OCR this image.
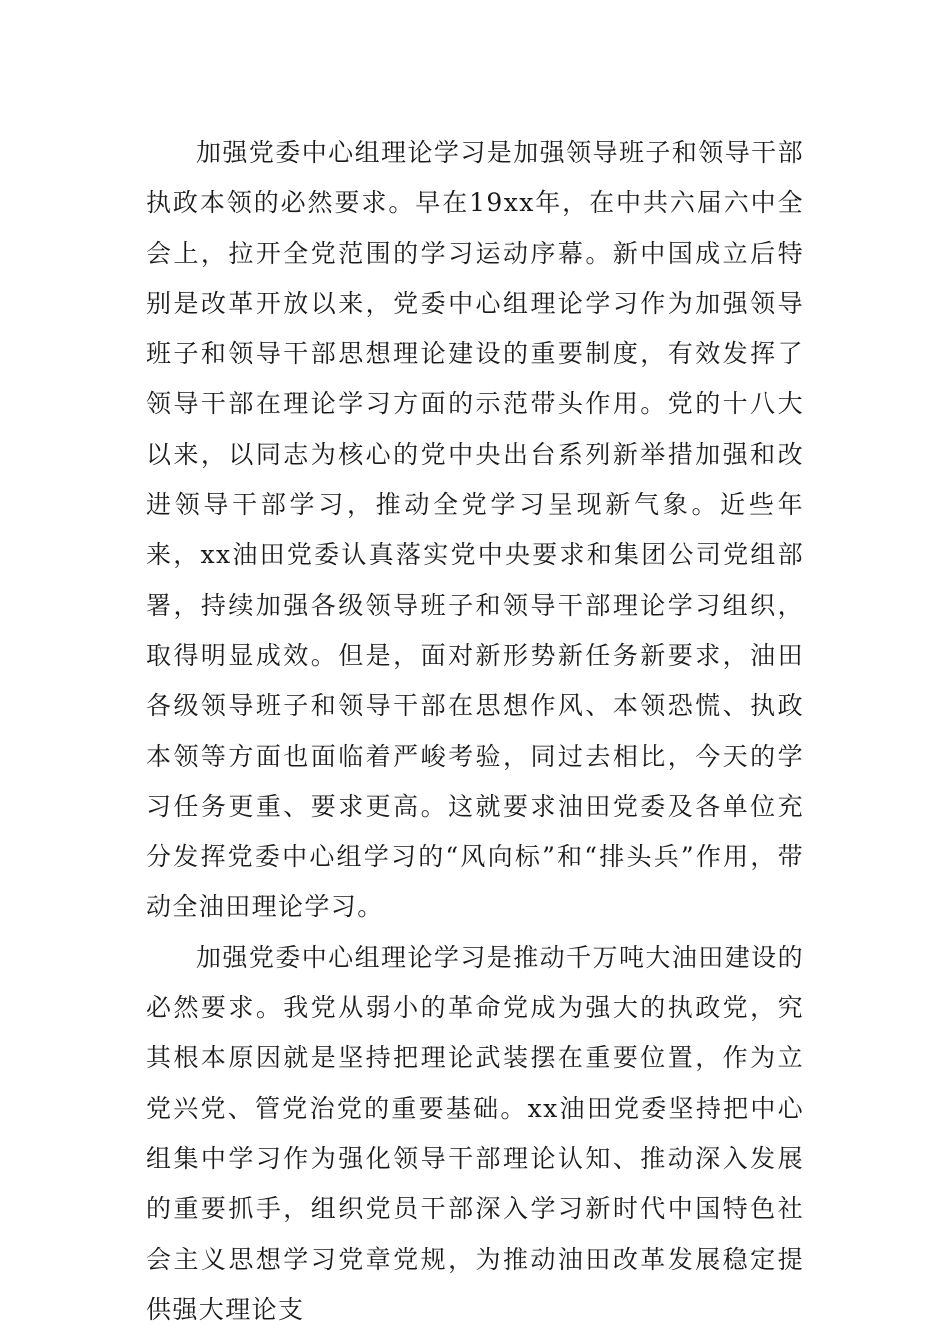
加强党委中心组理论学习是加强领导班子和领导干部执政本领的必然要求。早在19xx年，在中共六届六中全会上，拉开全党范围的学习运动序幕。新中国成立后特别是改革开放以来，党委中心组理论学习作为加强领导班子和领导干部思想理论建设的重要制度，有效发挥了领导干部在理论学习方面的示范带头作用。党的十八大以来，以同志为核心的党中央出台系列新举措加强和改进领导干部学习，推动全党学习呈现新气象。近些年来，xx油田党委认真落实党中央要求和集团公司党组部署，持续加强各级领导班子和领导干部理论学习组织，取得明显成效。但是，面对新形势新任务新要求，油田各级领导班子和领导干部在思想作风、本领恐慌、执政本领等方面也面临着严峻考验，同过去相比，今天的学习任务更重、要求更高。这就要求油田党委及各单位充分发挥党委中心组学习的“风向标”和“排头兵”作用，带动全油田理论学习。

加强党委中心组理论学习是推动千万吨大油田建设的必然要求。我党从弱小的革命党成为强大的执政党，究其根本原因就是坚持把理论武装摆在重要位置，作为立党兴党、管党治党的重要基础。xx油田党委坚持把中心组集中学习作为强化领导干部理论认知、推动深入发展的重要抓手，组织党员干部深入学习新时代中国特色社会主义思想学习党章党规，为推动油田改革发展稳定提供强大理论支
